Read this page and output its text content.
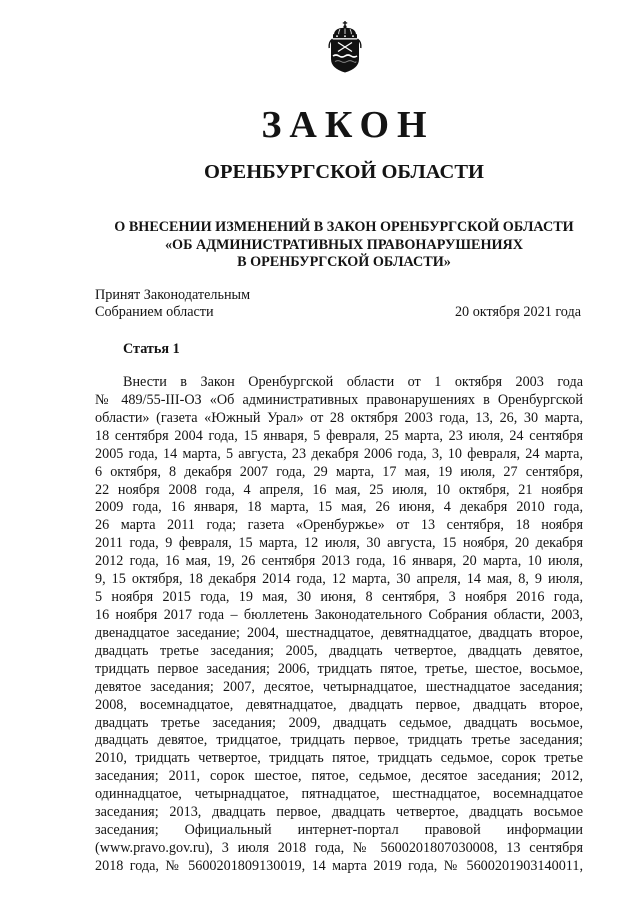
ЗАКОН
ОРЕНБУРГСКОЙ ОБЛАСТИ
О ВНЕСЕНИИ ИЗМЕНЕНИЙ В ЗАКОН ОРЕНБУРГСКОЙ ОБЛАСТИ
«ОБ АДМИНИСТРАТИВНЫХ ПРАВОНАРУШЕНИЯХ
В ОРЕНБУРГСКОЙ ОБЛАСТИ»
Принят Законодательным
Собранием области	20 октября 2021 года
Статья 1
Внести в Закон Оренбургской области от 1 октября 2003 года
№ 489/55-III-ОЗ «Об административных правонарушениях в Оренбургской
области» (газета «Южный Урал» от 28 октября 2003 года, 13, 26, 30 марта,
18 сентября 2004 года, 15 января, 5 февраля, 25 марта, 23 июля, 24 сентября
2005 года, 14 марта, 5 августа, 23 декабря 2006 года, 3, 10 февраля, 24 марта,
6 октября, 8 декабря 2007 года, 29 марта, 17 мая, 19 июля, 27 сентября,
22 ноября 2008 года, 4 апреля, 16 мая, 25 июля, 10 октября, 21 ноября
2009 года, 16 января, 18 марта, 15 мая, 26 июня, 4 декабря 2010 года,
26 марта 2011 года; газета «Оренбуржье» от 13 сентября, 18 ноября
2011 года, 9 февраля, 15 марта, 12 июля, 30 августа, 15 ноября, 20 декабря
2012 года, 16 мая, 19, 26 сентября 2013 года, 16 января, 20 марта, 10 июля,
9, 15 октября, 18 декабря 2014 года, 12 марта, 30 апреля, 14 мая, 8, 9 июля,
5 ноября 2015 года, 19 мая, 30 июня, 8 сентября, 3 ноября 2016 года,
16 ноября 2017 года – бюллетень Законодательного Собрания области, 2003,
двенадцатое заседание; 2004, шестнадцатое, девятнадцатое, двадцать второе,
двадцать третье заседания; 2005, двадцать четвертое, двадцать девятое,
тридцать первое заседания; 2006, тридцать пятое, третье, шестое, восьмое,
девятое заседания; 2007, десятое, четырнадцатое, шестнадцатое заседания;
2008, восемнадцатое, девятнадцатое, двадцать первое, двадцать второе,
двадцать третье заседания; 2009, двадцать седьмое, двадцать восьмое,
двадцать девятое, тридцатое, тридцать первое, тридцать третье заседания;
2010, тридцать четвертое, тридцать пятое, тридцать седьмое, сорок третье
заседания; 2011, сорок шестое, пятое, седьмое, десятое заседания; 2012,
одиннадцатое, четырнадцатое, пятнадцатое, шестнадцатое, восемнадцатое
заседания; 2013, двадцать первое, двадцать четвертое, двадцать восьмое
заседания; Официальный интернет-портал правовой информации
(www.pravo.gov.ru), 3 июля 2018 года, № 5600201807030008, 13 сентября
2018 года, № 5600201809130019, 14 марта 2019 года, № 5600201903140011,
